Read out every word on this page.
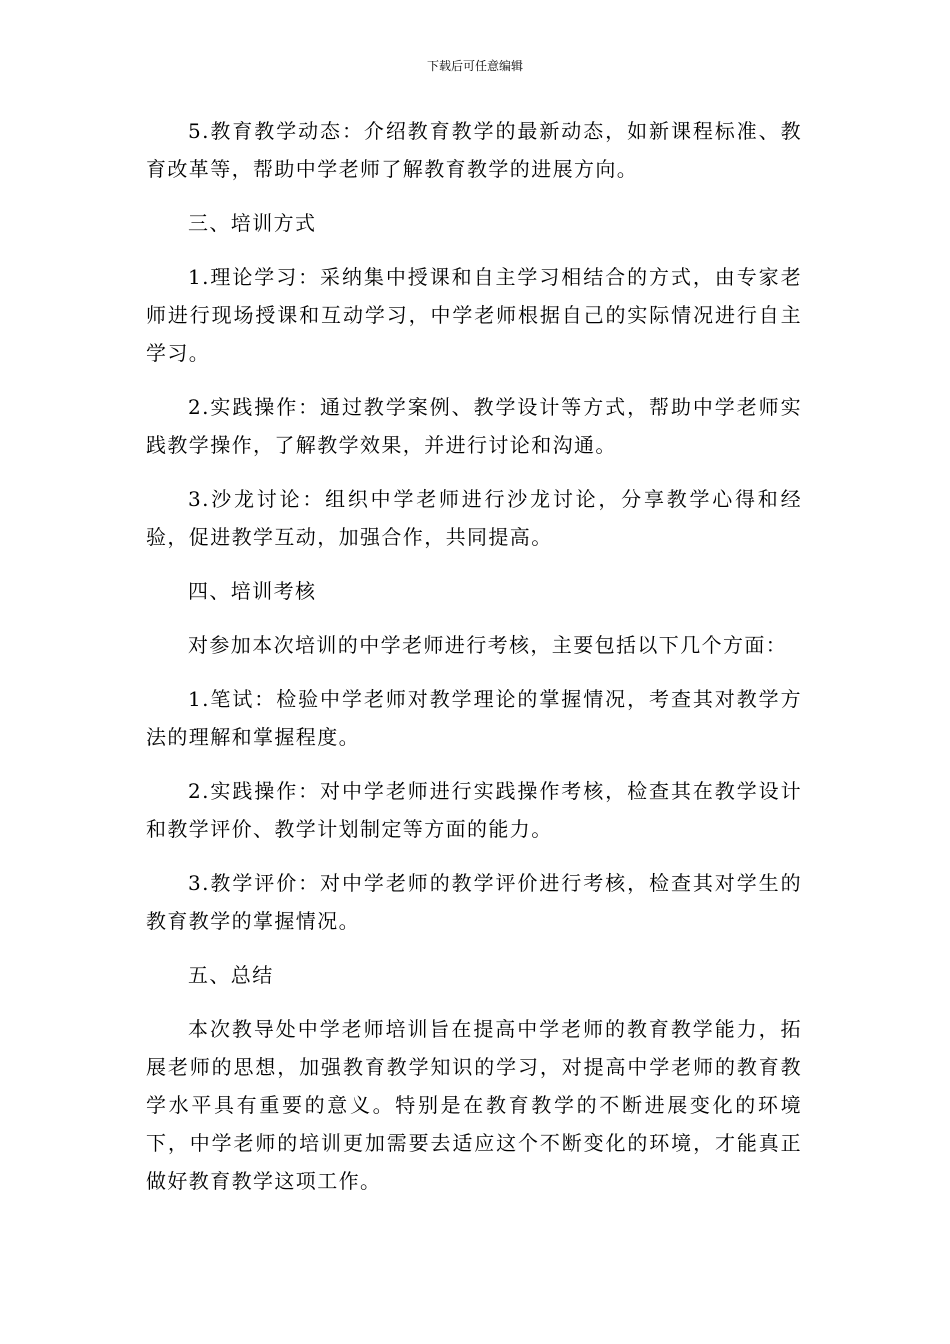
下载后可任意编辑

5.教育教学动态：介绍教育教学的最新动态，如新课程标准、教育改革等，帮助中学老师了解教育教学的进展方向。

三、培训方式

1.理论学习：采纳集中授课和自主学习相结合的方式，由专家老师进行现场授课和互动学习，中学老师根据自己的实际情况进行自主学习。

2.实践操作：通过教学案例、教学设计等方式，帮助中学老师实践教学操作，了解教学效果，并进行讨论和沟通。

3.沙龙讨论：组织中学老师进行沙龙讨论，分享教学心得和经验，促进教学互动，加强合作，共同提高。

四、培训考核

对参加本次培训的中学老师进行考核，主要包括以下几个方面：

1.笔试：检验中学老师对教学理论的掌握情况，考查其对教学方法的理解和掌握程度。

2.实践操作：对中学老师进行实践操作考核，检查其在教学设计和教学评价、教学计划制定等方面的能力。

3.教学评价：对中学老师的教学评价进行考核，检查其对学生的教育教学的掌握情况。

五、总结

本次教导处中学老师培训旨在提高中学老师的教育教学能力，拓展老师的思想，加强教育教学知识的学习，对提高中学老师的教育教学水平具有重要的意义。特别是在教育教学的不断进展变化的环境下，中学老师的培训更加需要去适应这个不断变化的环境，才能真正做好教育教学这项工作。
